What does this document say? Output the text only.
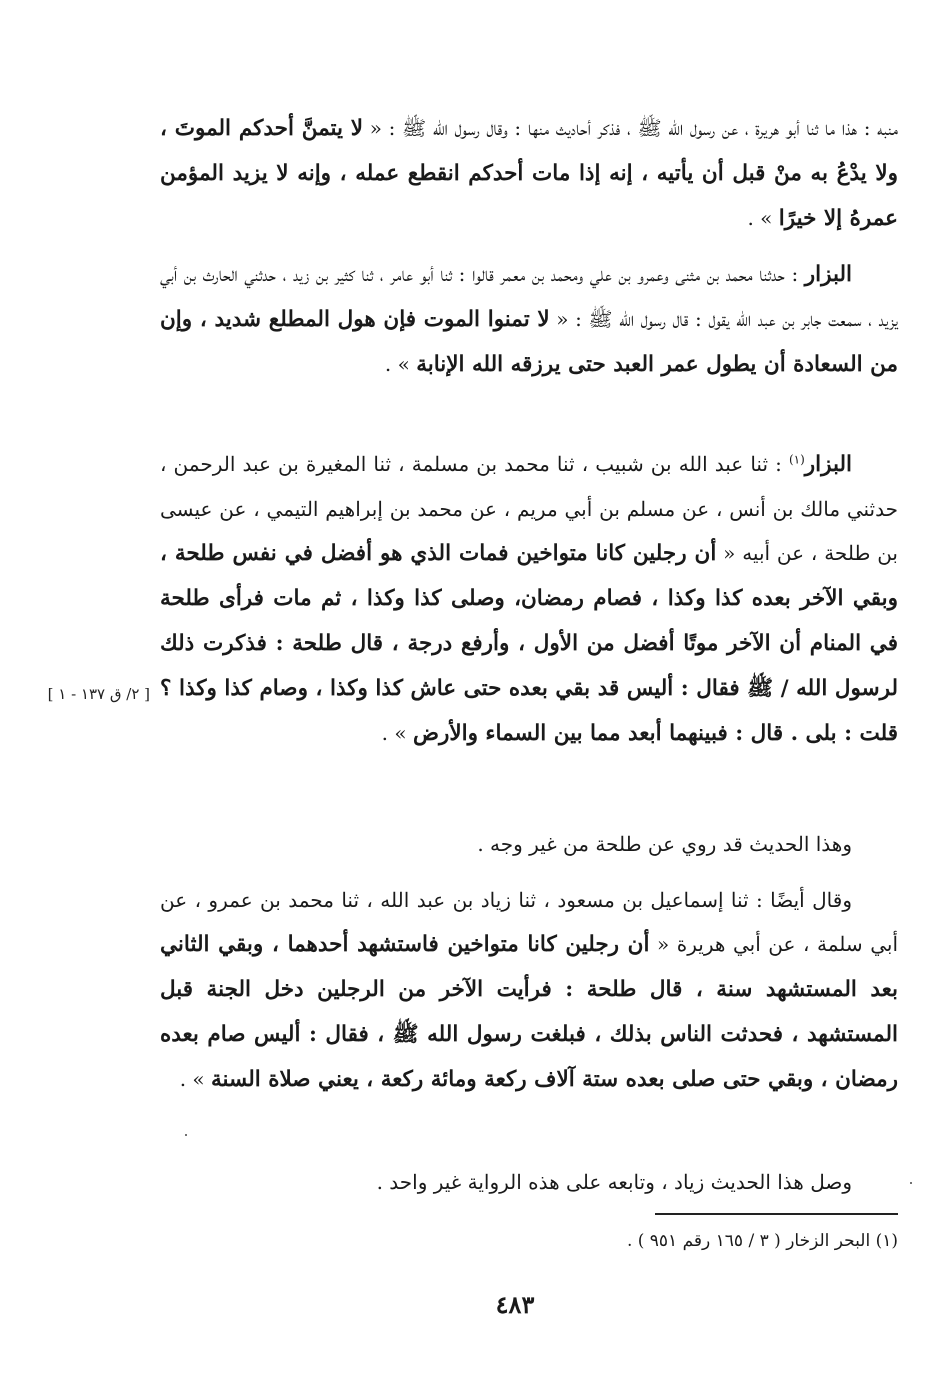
منبه : هذا ما ثنا أبو هريرة ، عن رسول الله ﷺ ، فذكر أحاديث منها : وقال رسول الله ﷺ : « لا يتمنَّ أحدكم الموتَ ، ولا يدْعُ به منْ قبل أن يأتيه ، إنه إذا مات أحدكم انقطع عمله ، وإنه لا يزيد المؤمن عمرهُ إلا خيرًا » .

البزار : حدثنا محمد بن مثنى وعمرو بن علي ومحمد بن معمر قالوا : ثنا أبو عامر ، ثنا كثير بن زيد ، حدثني الحارث بن أبي يزيد ، سمعت جابر بن عبد الله يقول : قال رسول الله ﷺ : « لا تمنوا الموت فإن هول المطلع شديد ، وإن من السعادة أن يطول عمر العبد حتى يرزقه الله الإنابة » .

البزار$^{(١)}$ : ثنا عبد الله بن شبيب ، ثنا محمد بن مسلمة ، ثنا المغيرة بن عبد الرحمن ، حدثني مالك بن أنس ، عن مسلم بن أبي مريم ، عن محمد بن إبراهيم التيمي ، عن عيسى بن طلحة ، عن أبيه « أن رجلين كانا متواخين فمات الذي هو أفضل في نفس طلحة ، وبقي الآخر بعده كذا وكذا ، فصام رمضان، وصلى كذا وكذا ، ثم مات فرأى طلحة في المنام أن الآخر موتًا أفضل من الأول ، وأرفع درجة ، قال طلحة : فذكرت ذلك لرسول الله / ﷺ فقال : أليس قد بقي بعده حتى عاش كذا وكذا ، وصام كذا وكذا ؟ قلت : بلى . قال : فبينهما أبعد مما بين السماء والأرض » .

وهذا الحديث قد روي عن طلحة من غير وجه .

وقال أيضًا : ثنا إسماعيل بن مسعود ، ثنا زياد بن عبد الله ، ثنا محمد بن عمرو ، عن أبي سلمة ، عن أبي هريرة « أن رجلين كانا متواخين فاستشهد أحدهما ، وبقي الثاني بعد المستشهد سنة ، قال طلحة : فرأيت الآخر من الرجلين دخل الجنة قبل المستشهد ، فحدثت الناس بذلك ، فبلغت رسول الله ﷺ ، فقال : أليس صام بعده رمضان ، وبقي حتى صلى بعده ستة آلاف ركعة ومائة ركعة ، يعني صلاة السنة » .

وصل هذا الحديث زياد ، وتابعه على هذه الرواية غير واحد .

[ ٢/ ق ١٣٧ - ١ ]
(١) البحر الزخار ( ٣ / ١٦٥ رقم ٩٥١ ) .
٤٨٣
